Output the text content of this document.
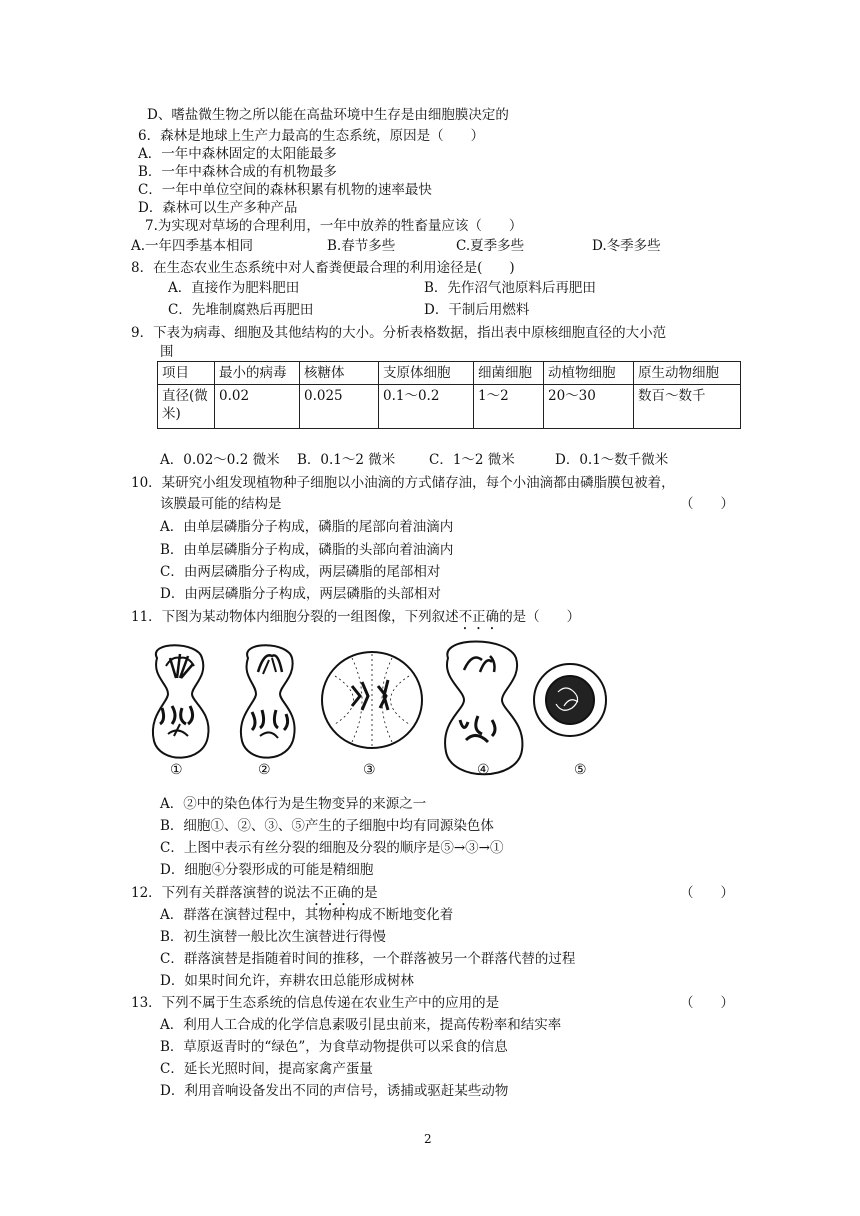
D、嗜盐微生物之所以能在高盐环境中生存是由细胞膜决定的
6．森林是地球上生产力最高的生态系统，原因是（　　）
A．一年中森林固定的太阳能最多
B．一年中森林合成的有机物最多
C．一年中单位空间的森林积累有机物的速率最快
D．森林可以生产多种产品
7.为实现对草场的合理利用，一年中放养的牲畜量应该（　　）
A.一年四季基本相同	B.春节多些	C.夏季多些	D.冬季多些
8．在生态农业生态系统中对人畜粪便最合理的利用途径是(　　)
A．直接作为肥料肥田	B．先作沼气池原料后再肥田
C．先堆制腐熟后再肥田	D．干制后用燃料
9．下表为病毒、细胞及其他结构的大小。分析表格数据，指出表中原核细胞直径的大小范
围
项目	最小的病毒	核糖体	支原体细胞	细菌细胞	动植物细胞	原生动物细胞
直径(微米)	0.02	0.025	0.1～0.2	1～2	20～30	数百～数千
A．0.02～0.2 微米 B．0.1～2 微米 C．1～2 微米	D．0.1～数千微米
10．某研究小组发现植物种子细胞以小油滴的方式储存油，每个小油滴都由磷脂膜包被着，
该膜最可能的结构是	（　　）
A．由单层磷脂分子构成，磷脂的尾部向着油滴内
B．由单层磷脂分子构成，磷脂的头部向着油滴内
C．由两层磷脂分子构成，两层磷脂的尾部相对
D．由两层磷脂分子构成，两层磷脂的头部相对
11．下图为某动物体内细胞分裂的一组图像，下列叙述不正确的是（　　）
①	②	③	④	⑤
A．②中的染色体行为是生物变异的来源之一
B．细胞①、②、③、⑤产生的子细胞中均有同源染色体
C．上图中表示有丝分裂的细胞及分裂的顺序是⑤→③→①
D．细胞④分裂形成的可能是精细胞
12．下列有关群落演替的说法不正确的是	（　　）
A．群落在演替过程中，其物种构成不断地变化着
B．初生演替一般比次生演替进行得慢
C．群落演替是指随着时间的推移，一个群落被另一个群落代替的过程
D．如果时间允许，弃耕农田总能形成树林
13．下列不属于生态系统的信息传递在农业生产中的应用的是	（　　）
A．利用人工合成的化学信息素吸引昆虫前来，提高传粉率和结实率
B．草原返青时的“绿色”，为食草动物提供可以采食的信息
C．延长光照时间，提高家禽产蛋量
D．利用音响设备发出不同的声信号，诱捕或驱赶某些动物
2
